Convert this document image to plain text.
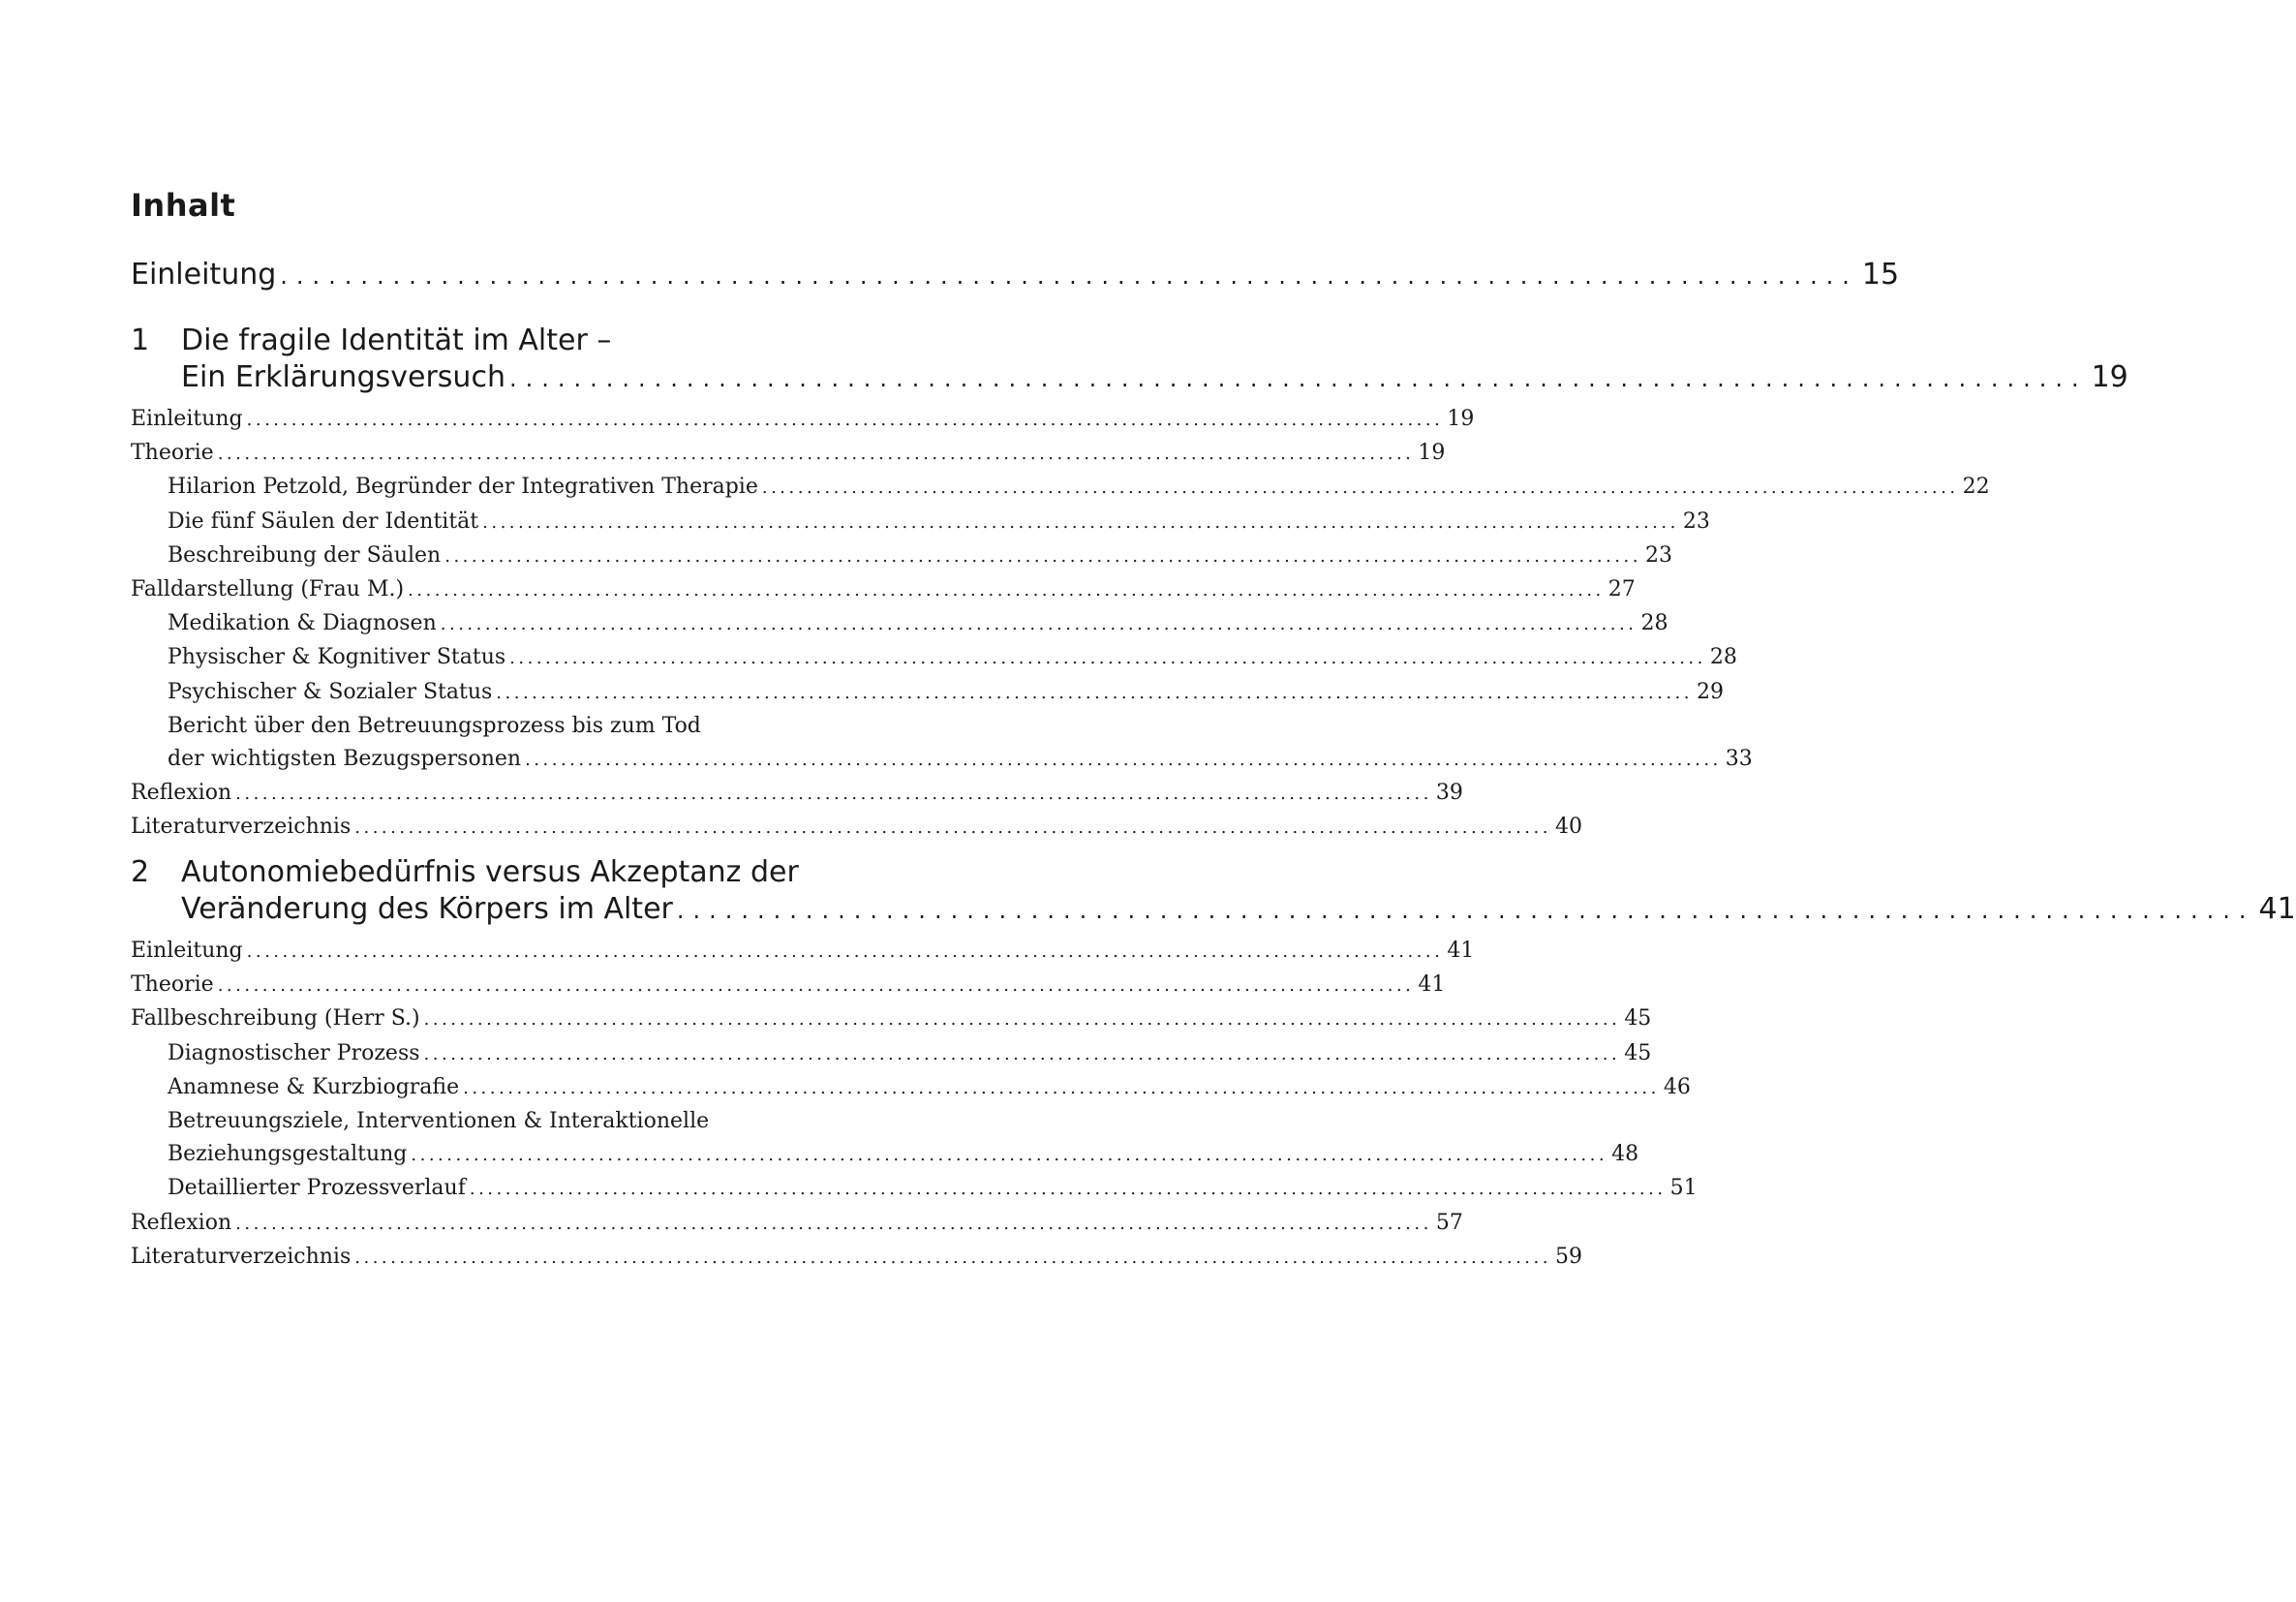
Inhalt
Einleitung .................................................................................................. 15
1	Die fragile Identität im Alter –
Ein Erklärungsversuch .................................................................................................. 19
Einleitung ...................................................................................................................................... 19
Theorie ...................................................................................................................................... 19
Hilarion Petzold, Begründer der Integrativen Therapie ...................................................................................................................................... 22
Die fünf Säulen der Identität ...................................................................................................................................... 23
Beschreibung der Säulen ...................................................................................................................................... 23
Falldarstellung (Frau M.) ...................................................................................................................................... 27
Medikation & Diagnosen ...................................................................................................................................... 28
Physischer & Kognitiver Status ...................................................................................................................................... 28
Psychischer & Sozialer Status ...................................................................................................................................... 29
Bericht über den Betreuungsprozess bis zum Tod
der wichtigsten Bezugspersonen ...................................................................................................................................... 33
Reflexion ...................................................................................................................................... 39
Literaturverzeichnis ...................................................................................................................................... 40
2	Autonomiebedürfnis versus Akzeptanz der
Veränderung des Körpers im Alter .................................................................................................. 41
Einleitung ...................................................................................................................................... 41
Theorie ...................................................................................................................................... 41
Fallbeschreibung (Herr S.) ...................................................................................................................................... 45
Diagnostischer Prozess ...................................................................................................................................... 45
Anamnese & Kurzbiografie ...................................................................................................................................... 46
Betreuungsziele, Interventionen & Interaktionelle
Beziehungsgestaltung ...................................................................................................................................... 48
Detaillierter Prozessverlauf ...................................................................................................................................... 51
Reflexion ...................................................................................................................................... 57
Literaturverzeichnis ...................................................................................................................................... 59
